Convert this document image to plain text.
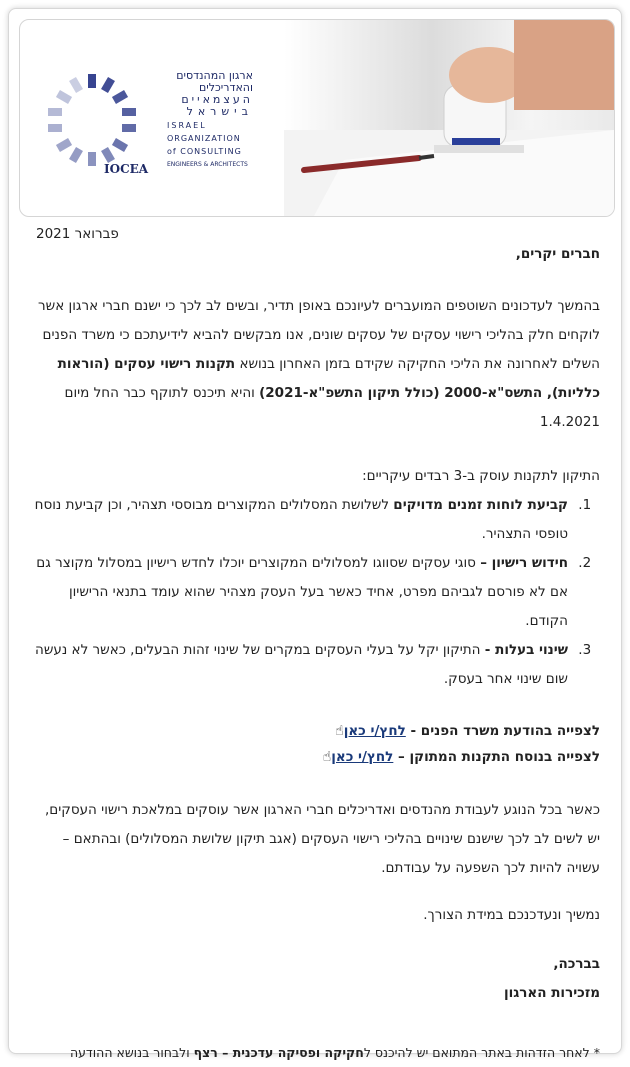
ארגון המהנדסים
והאדריכלים
העצמאיים
בישראל
ISRAEL
ORGANIZATION
of CONSULTING
ENGINEERS & ARCHITECTS
IOCEA
פברואר 2021

חברים יקרים,

בהמשך לעדכונים השוטפים המועברים לעיונכם באופן תדיר, ובשים לב לכך כי ישנם חברי ארגון אשר לוקחים חלק בהליכי רישוי עסקים של עסקים שונים, אנו מבקשים להביא לידיעתכם כי משרד הפנים השלים לאחרונה את הליכי החקיקה שקידם בזמן האחרון בנושא תקנות רישוי עסקים (הוראות כלליות), התשס"א-2000 (כולל תיקון התשפ"א-2021) והיא תיכנס לתוקף כבר החל מיום 1.4.2021

התיקון לתקנות עוסק ב-3 רבדים עיקריים:

1. קביעת לוחות זמנים מדויקים לשלושת המסלולים המקוצרים מבוססי תצהיר, וכן קביעת נוסח טופסי התצהיר.
2. חידוש רישיון – סוגי עסקים שסווגו למסלולים המקוצרים יוכלו לחדש רישיון במסלול מקוצר גם אם לא פורסם לגביהם מפרט, אחיד כאשר בעל העסק מצהיר שהוא עומד בתנאי הרישיון הקודם.
3. שינוי בעלות - התיקון יקל על בעלי העסקים במקרים של שינוי זהות הבעלים, כאשר לא נעשה שום שינוי אחר בעסק.

לצפייה בהודעת משרד הפנים - לחץ/י כאן☝

לצפייה בנוסח התקנות המתוקן – לחץ/י כאן☝

כאשר בכל הנוגע לעבודת מהנדסים ואדריכלים חברי הארגון אשר עוסקים במלאכת רישוי העסקים, יש לשים לב לכך שישנם שינויים בהליכי רישוי העסקים (אגב תיקון שלושת המסלולים) ובהתאם – עשויה להיות לכך השפעה על עבודתם.

נמשיך ונעדכנכם במידת הצורך.

בברכה,

מזכירות הארגון

* לאחר הזדהות באתר המתואם יש להיכנס לחקיקה ופסיקה עדכנית – רצף ולבחור בנושא ההודעה
